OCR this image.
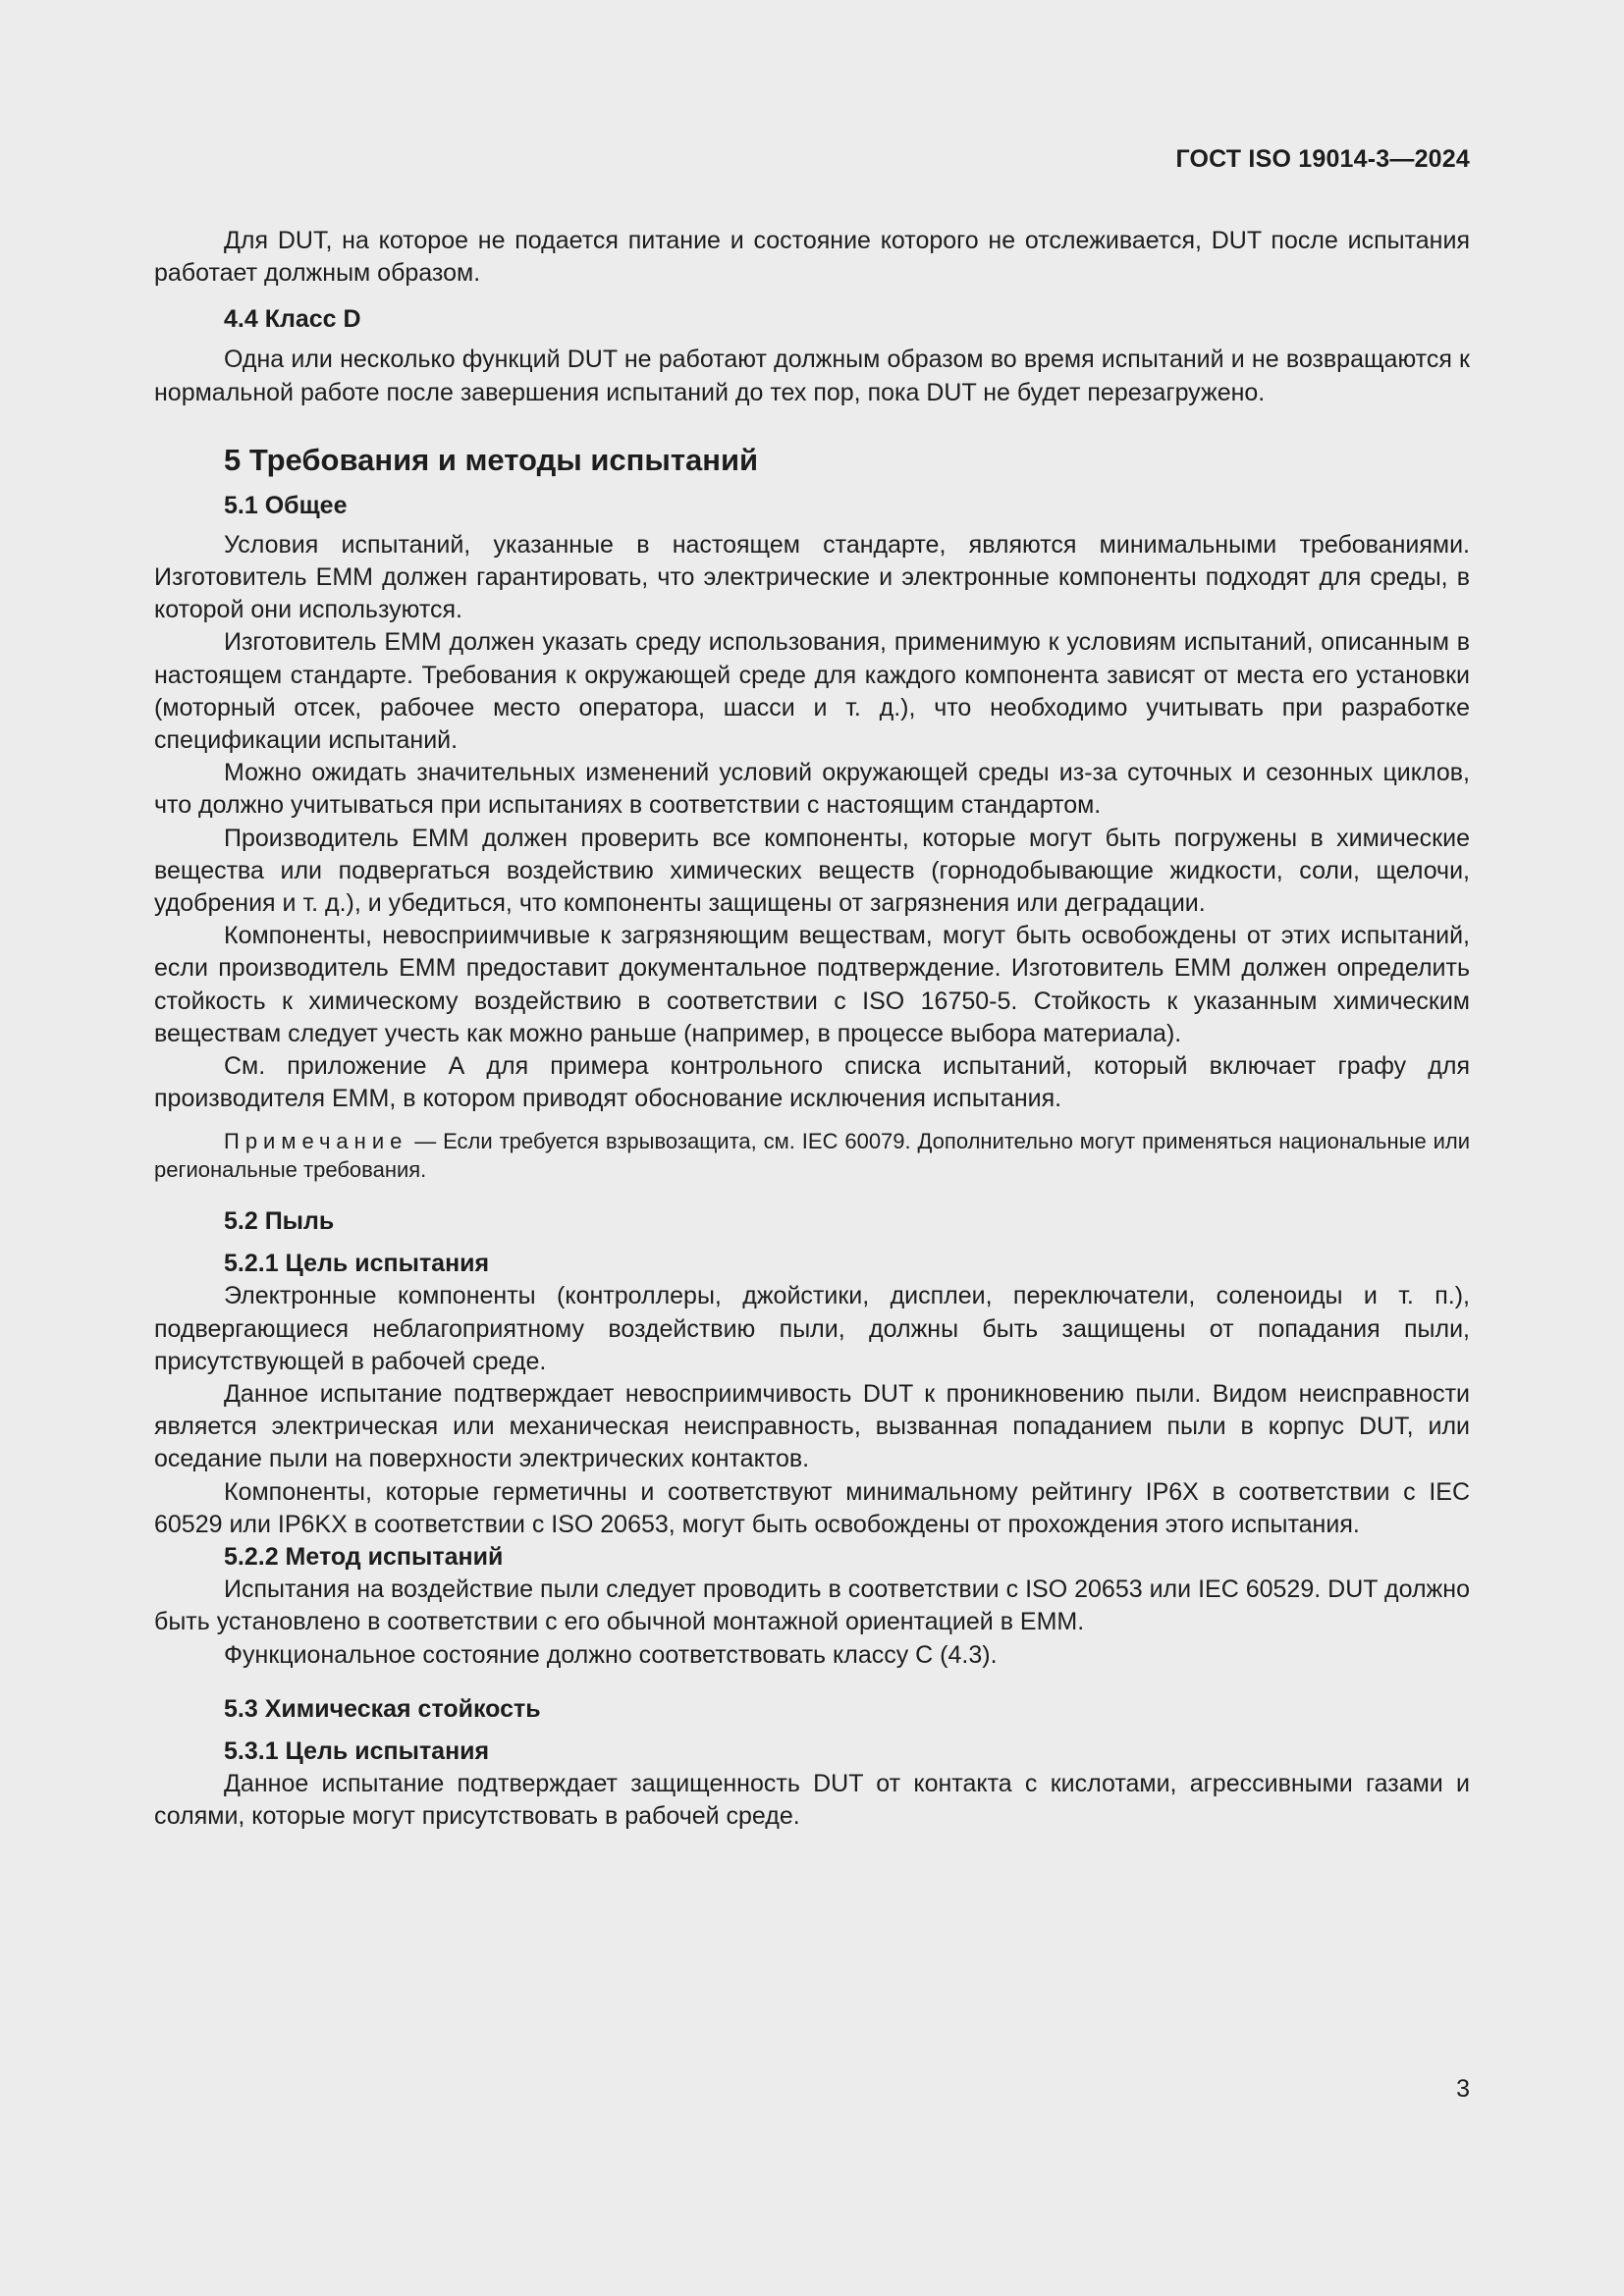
ГОСТ ISO 19014-3—2024

Для DUT, на которое не подается питание и состояние которого не отслеживается, DUT после испытания работает должным образом.

4.4 Класс D

Одна или несколько функций DUT не работают должным образом во время испытаний и не возвращаются к нормальной работе после завершения испытаний до тех пор, пока DUT не будет перезагружено.

5 Требования и методы испытаний

5.1 Общее

Условия испытаний, указанные в настоящем стандарте, являются минимальными требованиями. Изготовитель ЕММ должен гарантировать, что электрические и электронные компоненты подходят для среды, в которой они используются.

Изготовитель ЕММ должен указать среду использования, применимую к условиям испытаний, описанным в настоящем стандарте. Требования к окружающей среде для каждого компонента зависят от места его установки (моторный отсек, рабочее место оператора, шасси и т. д.), что необходимо учитывать при разработке спецификации испытаний.

Можно ожидать значительных изменений условий окружающей среды из-за суточных и сезонных циклов, что должно учитываться при испытаниях в соответствии с настоящим стандартом.

Производитель ЕММ должен проверить все компоненты, которые могут быть погружены в химические вещества или подвергаться воздействию химических веществ (горнодобывающие жидкости, соли, щелочи, удобрения и т. д.), и убедиться, что компоненты защищены от загрязнения или деградации.

Компоненты, невосприимчивые к загрязняющим веществам, могут быть освобождены от этих испытаний, если производитель ЕММ предоставит документальное подтверждение. Изготовитель ЕММ должен определить стойкость к химическому воздействию в соответствии с ISO 16750-5. Стойкость к указанным химическим веществам следует учесть как можно раньше (например, в процессе выбора материала).

См. приложение А для примера контрольного списка испытаний, который включает графу для производителя ЕММ, в котором приводят обоснование исключения испытания.

Примечание — Если требуется взрывозащита, см. IEC 60079. Дополнительно могут применяться национальные или региональные требования.

5.2 Пыль

5.2.1 Цель испытания

Электронные компоненты (контроллеры, джойстики, дисплеи, переключатели, соленоиды и т. п.), подвергающиеся неблагоприятному воздействию пыли, должны быть защищены от попадания пыли, присутствующей в рабочей среде.

Данное испытание подтверждает невосприимчивость DUT к проникновению пыли. Видом неисправности является электрическая или механическая неисправность, вызванная попаданием пыли в корпус DUT, или оседание пыли на поверхности электрических контактов.

Компоненты, которые герметичны и соответствуют минимальному рейтингу IP6X в соответствии с IEC 60529 или IP6KX в соответствии с ISO 20653, могут быть освобождены от прохождения этого испытания.

5.2.2 Метод испытаний

Испытания на воздействие пыли следует проводить в соответствии с ISO 20653 или IEC 60529. DUT должно быть установлено в соответствии с его обычной монтажной ориентацией в ЕММ.

Функциональное состояние должно соответствовать классу С (4.3).

5.3 Химическая стойкость

5.3.1 Цель испытания

Данное испытание подтверждает защищенность DUT от контакта с кислотами, агрессивными газами и солями, которые могут присутствовать в рабочей среде.

3
